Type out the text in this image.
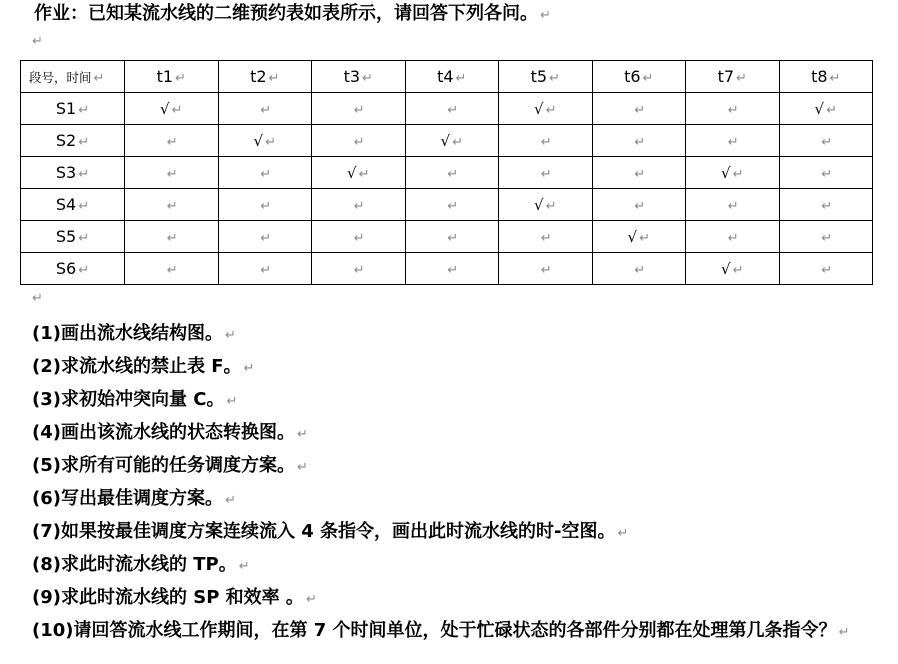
作业：已知某流水线的二维预约表如表所示，请回答下列各问。 ↵
↵
段号，时间 ↵	t1 ↵	t2 ↵	t3 ↵	t4 ↵	t5 ↵	t6 ↵	t7 ↵	t8 ↵
S1 ↵	√ ↵	↵	↵	↵	√ ↵	↵	↵	√ ↵
S2 ↵	↵	√ ↵	↵	√ ↵	↵	↵	↵	↵
S3 ↵	↵	↵	√ ↵	↵	↵	↵	√ ↵	↵
S4 ↵	↵	↵	↵	↵	√ ↵	↵	↵	↵
S5 ↵	↵	↵	↵	↵	↵	√ ↵	↵	↵
S6 ↵	↵	↵	↵	↵	↵	↵	√ ↵	↵
↵
(1)画出流水线结构图。 ↵
(2)求流水线的禁止表 F。 ↵
(3)求初始冲突向量 C。 ↵
(4)画出该流水线的状态转换图。 ↵
(5)求所有可能的任务调度方案。 ↵
(6)写出最佳调度方案。 ↵
(7)如果按最佳调度方案连续流入 4 条指令，画出此时流水线的时-空图。 ↵
(8)求此时流水线的 TP。 ↵
(9)求此时流水线的 SP 和效率 。 ↵
(10)请回答流水线工作期间，在第 7 个时间单位，处于忙碌状态的各部件分别都在处理第几条指令？ ↵
